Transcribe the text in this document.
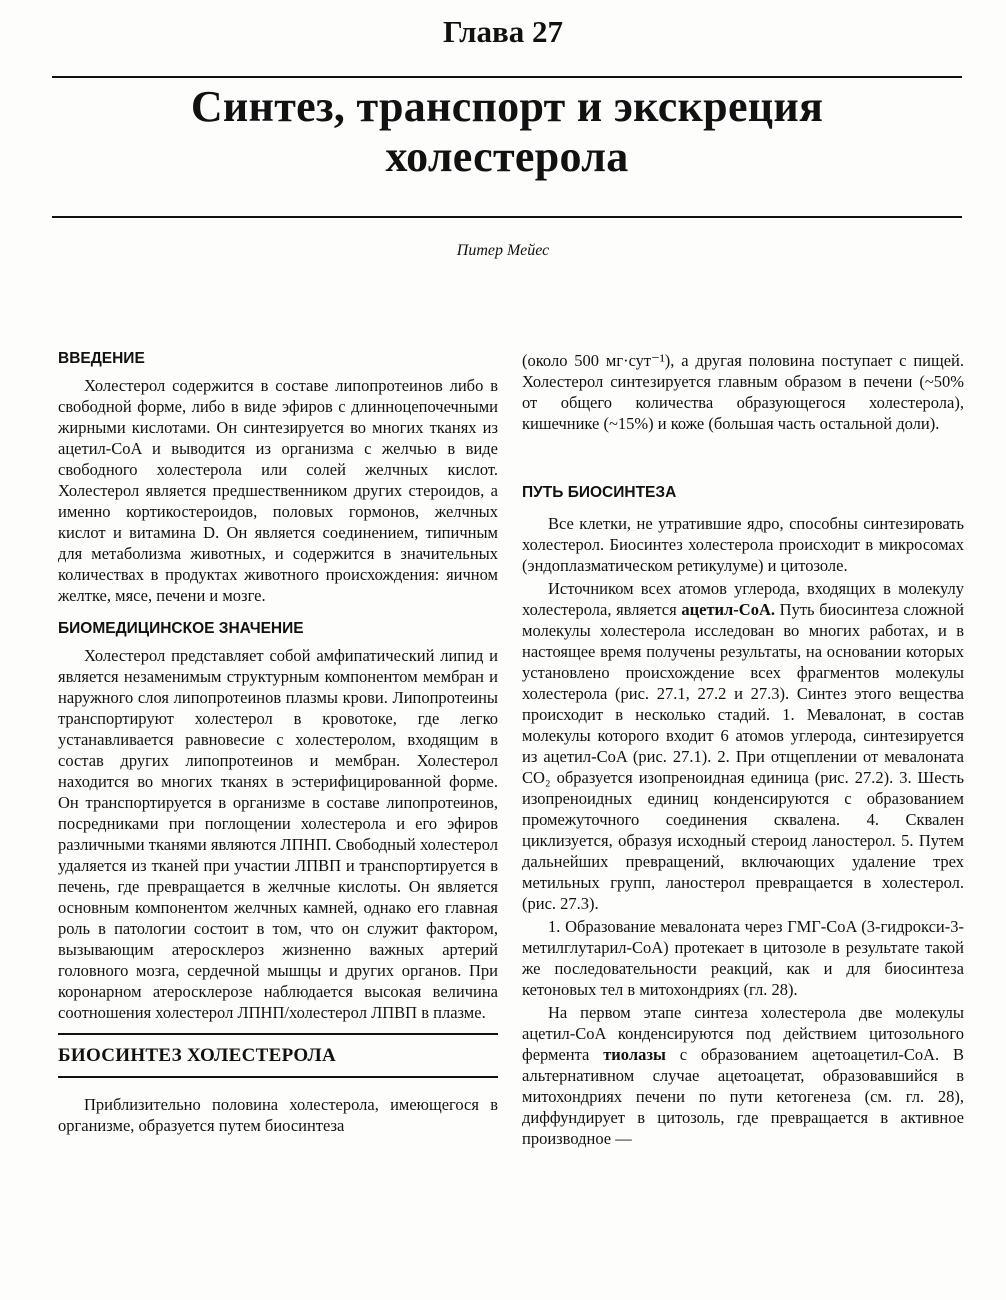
Глава 27
Синтез, транспорт и экскреция
холестерола
Питер Мейес
ВВЕДЕНИЕ

Холестерол содержится в составе липопротеинов либо в свободной форме, либо в виде эфиров с длинноцепочечными жирными кислотами. Он синтезируется во многих тканях из ацетил-CoA и выводится из организма с желчью в виде свободного холестерола или солей желчных кислот. Холестерол является предшественником других стероидов, а именно кортикостероидов, половых гормонов, желчных кислот и витамина D. Он является соединением, типичным для метаболизма животных, и содержится в значительных количествах в продуктах животного происхождения: яичном желтке, мясе, печени и мозге.

БИОМЕДИЦИНСКОЕ ЗНАЧЕНИЕ

Холестерол представляет собой амфипатический липид и является незаменимым структурным компонентом мембран и наружного слоя липопротеинов плазмы крови. Липопротеины транспортируют холестерол в кровотоке, где легко устанавливается равновесие с холестеролом, входящим в состав других липопротеинов и мембран. Холестерол находится во многих тканях в эстерифицированной форме. Он транспортируется в организме в составе липопротеинов, посредниками при поглощении холестерола и его эфиров различными тканями являются ЛПНП. Свободный холестерол удаляется из тканей при участии ЛПВП и транспортируется в печень, где превращается в желчные кислоты. Он является основным компонентом желчных камней, однако его главная роль в патологии состоит в том, что он служит фактором, вызывающим атеросклероз жизненно важных артерий головного мозга, сердечной мышцы и других органов. При коронарном атеросклерозе наблюдается высокая величина соотношения холестерол ЛПНП/холестерол ЛПВП в плазме.

БИОСИНТЕЗ ХОЛЕСТЕРОЛА

Приблизительно половина холестерола, имеющегося в организме, образуется путем биосинтеза

(около 500 мг·сут⁻¹), а другая половина поступает с пищей. Холестерол синтезируется главным образом в печени (~50% от общего количества образующегося холестерола), кишечнике (~15%) и коже (большая часть остальной доли).

ПУТЬ БИОСИНТЕЗА

Все клетки, не утратившие ядро, способны синтезировать холестерол. Биосинтез холестерола происходит в микросомах (эндоплазматическом ретикулуме) и цитозоле.

Источником всех атомов углерода, входящих в молекулу холестерола, является ацетил-CoA. Путь биосинтеза сложной молекулы холестерола исследован во многих работах, и в настоящее время получены результаты, на основании которых установлено происхождение всех фрагментов молекулы холестерола (рис. 27.1, 27.2 и 27.3). Синтез этого вещества происходит в несколько стадий. 1. Мевалонат, в состав молекулы которого входит 6 атомов углерода, синтезируется из ацетил-CoA (рис. 27.1). 2. При отщеплении от мевалоната CO₂ образуется изопреноидная единица (рис. 27.2). 3. Шесть изопреноидных единиц конденсируются с образованием промежуточного соединения сквалена. 4. Сквален циклизуется, образуя исходный стероид ланостерол. 5. Путем дальнейших превращений, включающих удаление трех метильных групп, ланостерол превращается в холестерол. (рис. 27.3).

1. Образование мевалоната через ГМГ-CoA (3-гидрокси-3-метилглутарил-CoA) протекает в цитозоле в результате такой же последовательности реакций, как и для биосинтеза кетоновых тел в митохондриях (гл. 28).

На первом этапе синтеза холестерола две молекулы ацетил-CoA конденсируются под действием цитозольного фермента тиолазы с образованием ацетоацетил-CoA. В альтернативном случае ацетоацетат, образовавшийся в митохондриях печени по пути кетогенеза (см. гл. 28), диффундирует в цитозоль, где превращается в активное производное —
